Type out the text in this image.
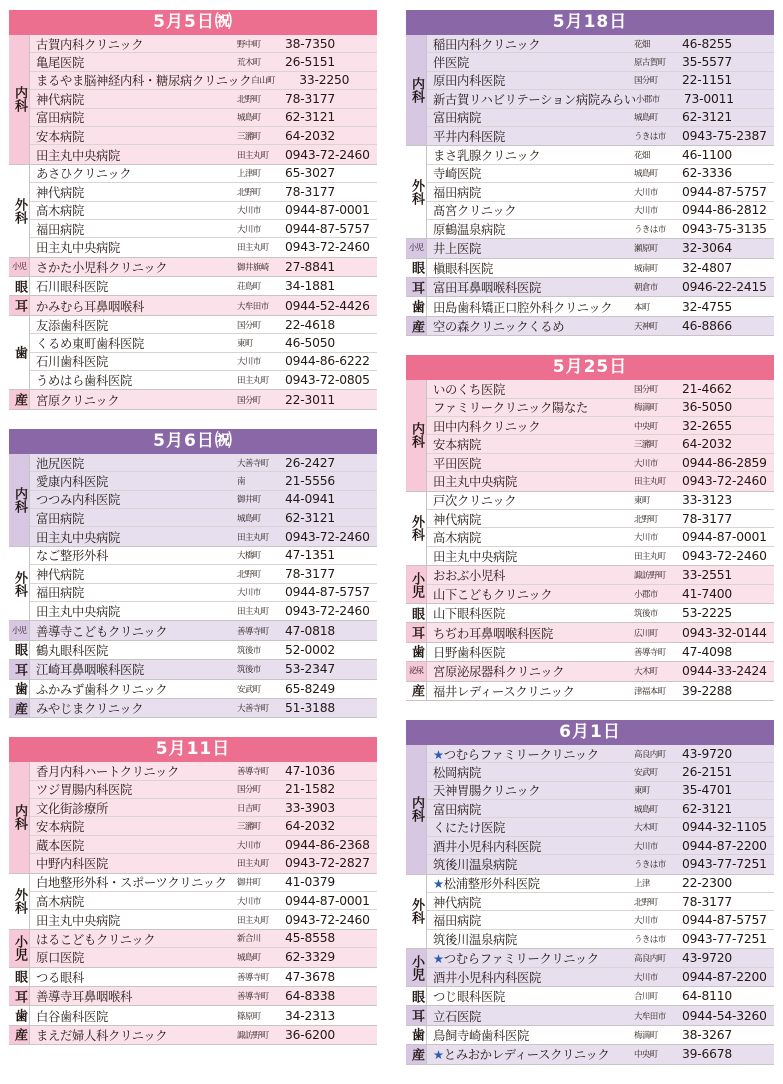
5月5日㈷
内科
古賀内科クリニック	野中町	38-7350
亀尾医院	荒木町	26-5151
まるやま脳神経内科・糖尿病クリニック 白山町	33-2250
神代病院	北野町	78-3177
富田病院	城島町	62-3121
安本病院	三瀦町	64-2032
田主丸中央病院	田主丸町	0943-72-2460
外科
あさひクリニック	上津町	65-3027
神代病院	北野町	78-3177
高木病院	大川市	0944-87-0001
福田病院	大川市	0944-87-5757
田主丸中央病院	田主丸町	0943-72-2460
小児 さかた小児科クリニック	御井旗崎	27-8841
眼 石川眼科医院	荘島町	34-1881
耳 かみむら耳鼻咽喉科	大牟田市	0944-52-4426
歯
友添歯科医院	国分町	22-4618
くるめ東町歯科医院	東町	46-5050
石川歯科医院	大川市	0944-86-6222
うめはら歯科医院	田主丸町	0943-72-0805
産 宮原クリニック	国分町	22-3011
5月6日㈷
内科
池尻医院	大善寺町	26-2427
愛康内科医院	南	21-5556
つつみ内科医院	御井町	44-0941
富田病院	城島町	62-3121
田主丸中央病院	田主丸町	0943-72-2460
外科
なご整形外科	大橋町	47-1351
神代病院	北野町	78-3177
福田病院	大川市	0944-87-5757
田主丸中央病院	田主丸町	0943-72-2460
小児 善導寺こどもクリニック	善導寺町	47-0818
眼 鶴丸眼科医院	筑後市	52-0002
耳 江崎耳鼻咽喉科医院	筑後市	53-2347
歯 ふかみず歯科クリニック	安武町	65-8249
産 みやじまクリニック	大善寺町	51-3188
5月11日
内科
香月内科ハートクリニック	善導寺町	47-1036
ツジ胃腸内科医院	国分町	21-1582
文化街診療所	日吉町	33-3903
安本病院	三瀦町	64-2032
蔵本医院	大川市	0944-86-2368
中野内科医院	田主丸町	0943-72-2827
外科
白地整形外科・スポーツクリニック	御井町	41-0379
高木病院	大川市	0944-87-0001
田主丸中央病院	田主丸町	0943-72-2460
小児 はるこどもクリニック	新合川	45-8558
原口医院	城島町	62-3329
眼 つる眼科	善導寺町	47-3678
耳 善導寺耳鼻咽喉科	善導寺町	64-8338
歯 白谷歯科医院	篠原町	34-2313
産 まえだ婦人科クリニック	諏訪野町	36-6200
5月18日
内科
稲田内科クリニック	花畑	46-8255
伴医院	原古賀町	35-5577
原田内科医院	国分町	22-1151
新古賀リハビリテーション病院みらい 小郡市	73-0011
富田病院	城島町	62-3121
平井内科医院	うきは市	0943-75-2387
外科
まさ乳腺クリニック	花畑	46-1100
寺崎医院	城島町	62-3336
福田病院	大川市	0944-87-5757
髙宮クリニック	大川市	0944-86-2812
原鶴温泉病院	うきは市	0943-75-3135
小児 井上医院	瀬原町	32-3064
眼 槇眼科医院	城南町	32-4807
耳 富田耳鼻咽喉科医院	朝倉市	0946-22-2415
歯 田島歯科矯正口腔外科クリニック	本町	32-4755
産 空の森クリニックくるめ	天神町	46-8866
5月25日
内科
いのくち医院	国分町	21-4662
ファミリークリニック陽なた	梅満町	36-5050
田中内科クリニック	中央町	32-2655
安本病院	三瀦町	64-2032
平田医院	大川市	0944-86-2859
田主丸中央病院	田主丸町	0943-72-2460
外科
戸次クリニック	東町	33-3123
神代病院	北野町	78-3177
高木病院	大川市	0944-87-0001
田主丸中央病院	田主丸町	0943-72-2460
小児 おおぶ小児科	諏訪野町	33-2551
山下こどもクリニック	小郡市	41-7400
眼 山下眼科医院	筑後市	53-2225
耳 ちぢわ耳鼻咽喉科医院	広川町	0943-32-0144
歯 日野歯科医院	善導寺町	47-4098
泌尿 宮原泌尿器科クリニック	大木町	0944-33-2424
産 福井レディースクリニック	津福本町	39-2288
6月1日
内科
★つむらファミリークリニック	高良内町	43-9720
松岡病院	安武町	26-2151
天神胃腸クリニック	東町	35-4701
富田病院	城島町	62-3121
くにたけ医院	大木町	0944-32-1105
酒井小児科内科医院	大川市	0944-87-2200
筑後川温泉病院	うきは市	0943-77-7251
外科
★松浦整形外科医院	上津	22-2300
神代病院	北野町	78-3177
福田病院	大川市	0944-87-5757
筑後川温泉病院	うきは市	0943-77-7251
小児 ★つむらファミリークリニック	高良内町	43-9720
酒井小児科内科医院	大川市	0944-87-2200
眼 つじ眼科医院	合川町	64-8110
耳 立石医院	大牟田市	0944-54-3260
歯 鳥飼寺崎歯科医院	梅満町	38-3267
産 ★とみおかレディースクリニック	中央町	39-6678
